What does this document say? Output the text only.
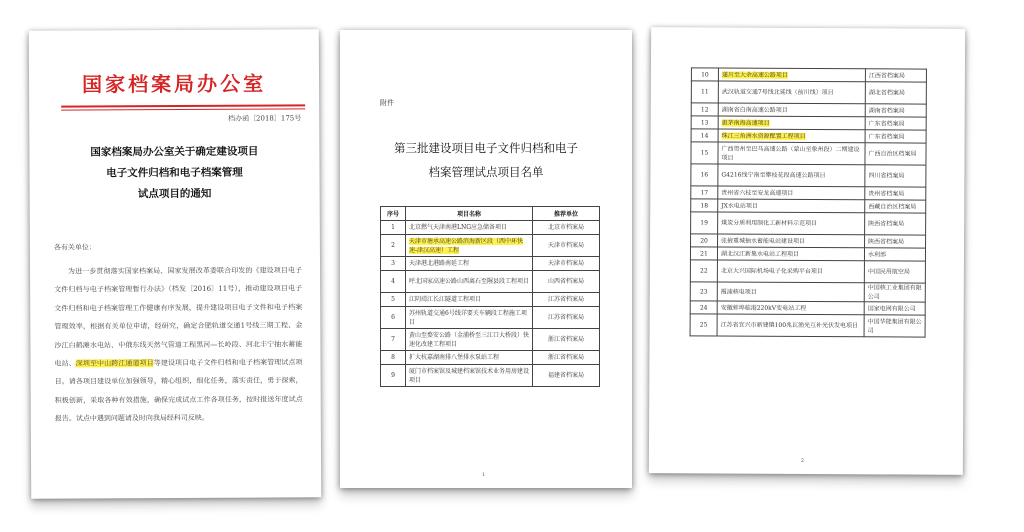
国家档案局办公室
档办函〔2018〕175号
国家档案局办公室关于确定建设项目
电子文件归档和电子档案管理
试点项目的通知
各有关单位：
为进一步贯彻落实国家档案局、国家发展改革委联合印发的《建设项目电子文件归档与电子档案管理暂行办法》（档发〔2016〕11号），推动建设项目电子文件归档和电子档案管理工作健康有序发展，提升建设项目电子文件和电子档案管理效率，根据有关单位申请，经研究，确定合肥轨道交通1号线三期工程、金沙江白鹤滩水电站、中俄东线天然气管道工程黑河—长岭段、河北丰宁抽水蓄能电站、深圳至中山跨江通道项目等建设项目电子文件归档和电子档案管理试点项目。请各项目建设单位加强领导，精心组织，细化任务，落实责任，勇于探索，积极创新，采取各种有效措施，确保完成试点工作各项任务，按时报送年度试点报告。试点中遇到问题请及时向我局经科司反映。
附件
第三批建设项目电子文件归档和电子
档案管理试点项目名单
序号	项目名称	推荐单位
1	北京燃气天津南港LNG应急储备项目	北京市档案局
2	天津市塘承高速公路滨海新区段（西中环快速-津汉高速）工程	天津市档案局
3	天津港北港路南延工程	天津市档案局
4	呼北国家高速公路山西离石至隰县段工程项目	山西省档案局
5	江阴靖江长江隧道工程项目	江苏省档案局
6	苏州轨道交通6号线详要关车辆段工程施工项目	江苏省档案局
7	黄山至婺安公路（金浦桥至三江口大桥段）快速化改建工程项目	浙江省档案局
8	扩大杭嘉湖南排八堡排水泵站工程	浙江省档案局
9	厦门市档案馆及城建档案馆技术业务用房建设项目	福建省档案局
1
10	遂川至大余高速公路项目	江西省档案局
11	武汉轨道交通7号线北延线（前川线）项目	湖北省档案局
12	湖南省白南高速公路项目	湖南省档案局
13	惠茅南海高速项目	广东省档案局
14	珠江三角洲水资源配置工程项目	广东省档案局
15	广西贺州至巴马高速公路（蒙山至象州段）二期建设项目	广西自治区档案局
16	G4216线宁南至攀枝花段高速公路项目	四川省档案局
17	贵州省六枝至安龙高速项目	贵州省档案局
18	JX水电站项目	西藏自治区档案局
19	煤炭分质利用制化工新材料示范项目	陕西省档案局
20	张掖重城抽水蓄能电站建设项目	陕西省档案局
21	湖北汉江新集水电站工程项目	水利部
22	北京大兴国际机场电子化采购平台项目	中国民用航空局
23	霞浦核电项目	中国核工业集团有限公司
24	安徽蚌埠临港220kV变电站工程	国家电网有限公司
25	江苏省宜兴市新建镇100兆瓦渔光互补光伏发电项目	中国华能集团有限公司
2
